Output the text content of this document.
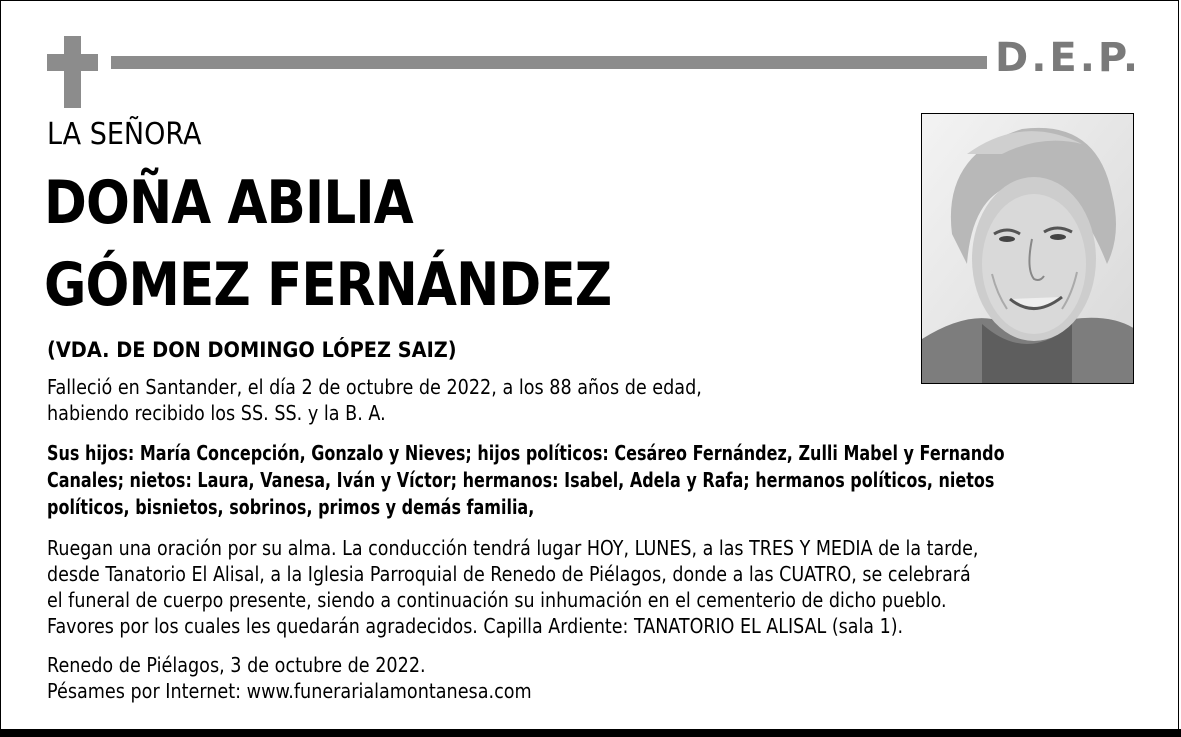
D.E.P.
LA SEÑORA
DOÑA ABILIA
GÓMEZ FERNÁNDEZ
(VDA. DE DON DOMINGO LÓPEZ SAIZ)
Falleció en Santander, el día 2 de octubre de 2022, a los 88 años de edad,
habiendo recibido los SS. SS. y la B. A.
Sus hijos: María Concepción, Gonzalo y Nieves; hijos políticos: Cesáreo Fernández, Zulli Mabel y Fernando
Canales; nietos: Laura, Vanesa, Iván y Víctor; hermanos: Isabel, Adela y Rafa; hermanos políticos, nietos
políticos, bisnietos, sobrinos, primos y demás familia,
Ruegan una oración por su alma. La conducción tendrá lugar HOY, LUNES, a las TRES Y MEDIA de la tarde,
desde Tanatorio El Alisal, a la Iglesia Parroquial de Renedo de Piélagos, donde a las CUATRO, se celebrará
el funeral de cuerpo presente, siendo a continuación su inhumación en el cementerio de dicho pueblo.
Favores por los cuales les quedarán agradecidos. Capilla Ardiente: TANATORIO EL ALISAL (sala 1).
Renedo de Piélagos, 3 de octubre de 2022.
Pésames por Internet: www.funerarialamontanesa.com
